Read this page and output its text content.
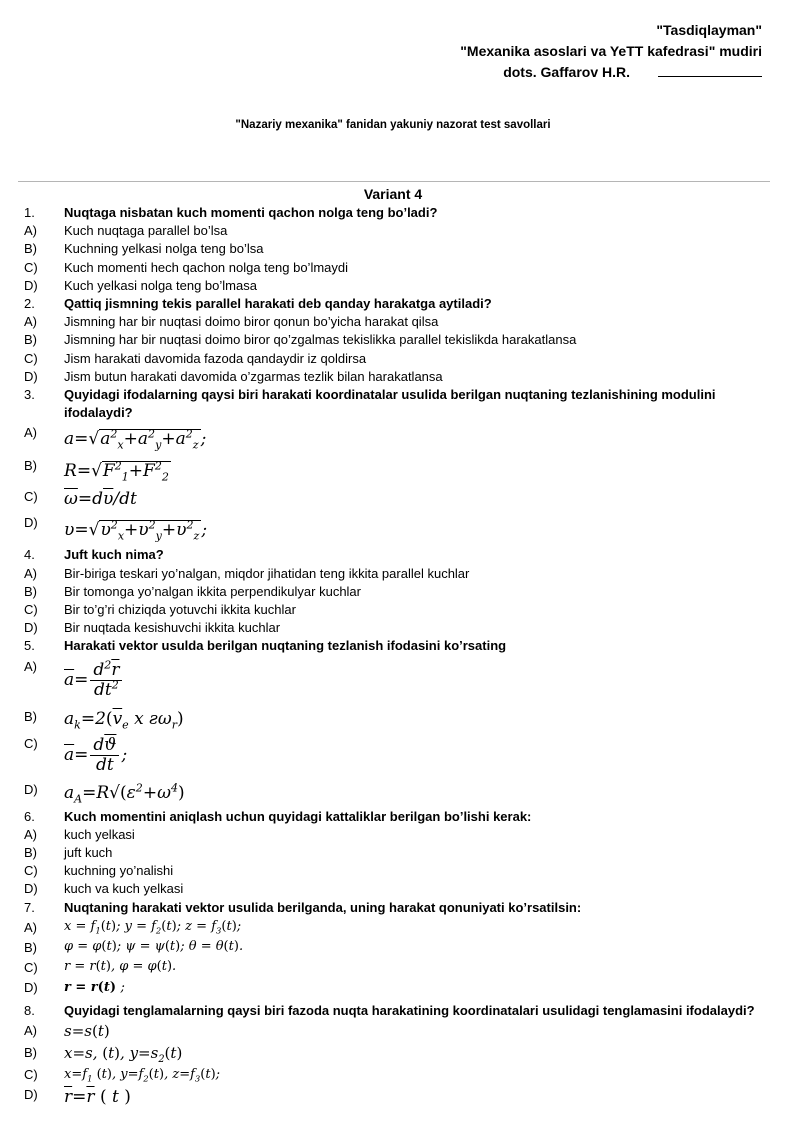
"Tasdiqlayman"
"Mexanika asoslari va YeTT kafedrasi" mudiri
dots. Gaffarov H.R.
"Nazariy mexanika" fanidan yakuniy nazorat test savollari
Variant 4
1.	Nuqtaga nisbatan kuch momenti qachon nolga teng bo’ladi?
A)	Kuch nuqtaga parallel bo’lsa
B)	Kuchning yelkasi nolga teng bo’lsa
C)	Kuch momenti hech qachon nolga teng bo’lmaydi
D)	Kuch yelkasi nolga teng bo’lmasa
2.	Qattiq jismning tekis parallel harakati deb qanday harakatga aytiladi?
A)	Jismning har bir nuqtasi doimo biror qonun bo’yicha harakat qilsa
B)	Jismning har bir nuqtasi doimo biror qo’zgalmas tekislikka parallel tekislikda harakatlansa
C)	Jism harakati davomida fazoda qandaydir iz qoldirsa
D)	Jism butun harakati davomida o’zgarmas tezlik bilan harakatlansa
3.	Quyidagi ifodalarning qaysi biri harakati koordinatalar usulida berilgan nuqtaning tezlanishining modulini ifodalaydi?
A)	$a=√a^2_x+a^2_y+a^2_z$ ;
B)	$R=√F^2_1+F^2_2$
C)	$\overline{\omega}=d\overline{\upsilon}/dt$
D)	$\upsilon=√\upsilon^2_x+\upsilon^2_y+\upsilon^2_z$ ;
4.	Juft kuch nima?
A)	Bir-biriga teskari yo’nalgan, miqdor jihatidan teng ikkita parallel kuchlar
B)	Bir tomonga yo’nalgan ikkita perpendikulyar kuchlar
C)	Bir to’g’ri chiziqda yotuvchi ikkita kuchlar
D)	Bir nuqtada kesishuvchi ikkita kuchlar
5.	Harakati vektor usulda berilgan nuqtaning tezlanish ifodasini ko’rsating
A)
$\overline{a}= \frac{d^2\overline{r}}{dt^2}$
B)	$a_k=2(\overline{v}_e$ x $ƨ\omega_r$)
C)
$\overline{a}= \frac{d\overline{ϑ}}{dt}$ ;
D)	$a_A=R√(\varepsilon^2+\omega^4)$
6.	Kuch momentini aniqlash uchun quyidagi kattaliklar berilgan bo’lishi kerak:
A)	kuch yelkasi
B)	juft kuch
C)	kuchning yo’nalishi
D)	kuch va kuch yelkasi
7.	Nuqtaning harakati vektor usulida berilganda, uning harakat qonuniyati ko’rsatilsin:
A)	$x = f_1(t)$; $y = f_2(t)$; $z = f_3(t)$;
B)	φ = φ(t); ψ = ψ(t); θ = θ(t).
C)	r = r(t), φ = φ(t).
D)	r = r(t) ;
8.	Quyidagi tenglamalarning qaysi biri fazoda nuqta harakatining koordinatalari usulidagi tenglamasini ifodalaydi?
A)	s=s(t)
B)	x=s, (t), $y=s_2(t)$
C)	$x=f_1$ (t), $y=f_2(t)$, $z=f_3(t)$;
D)	$\overline{r}=\overline{r}$ ( t )
